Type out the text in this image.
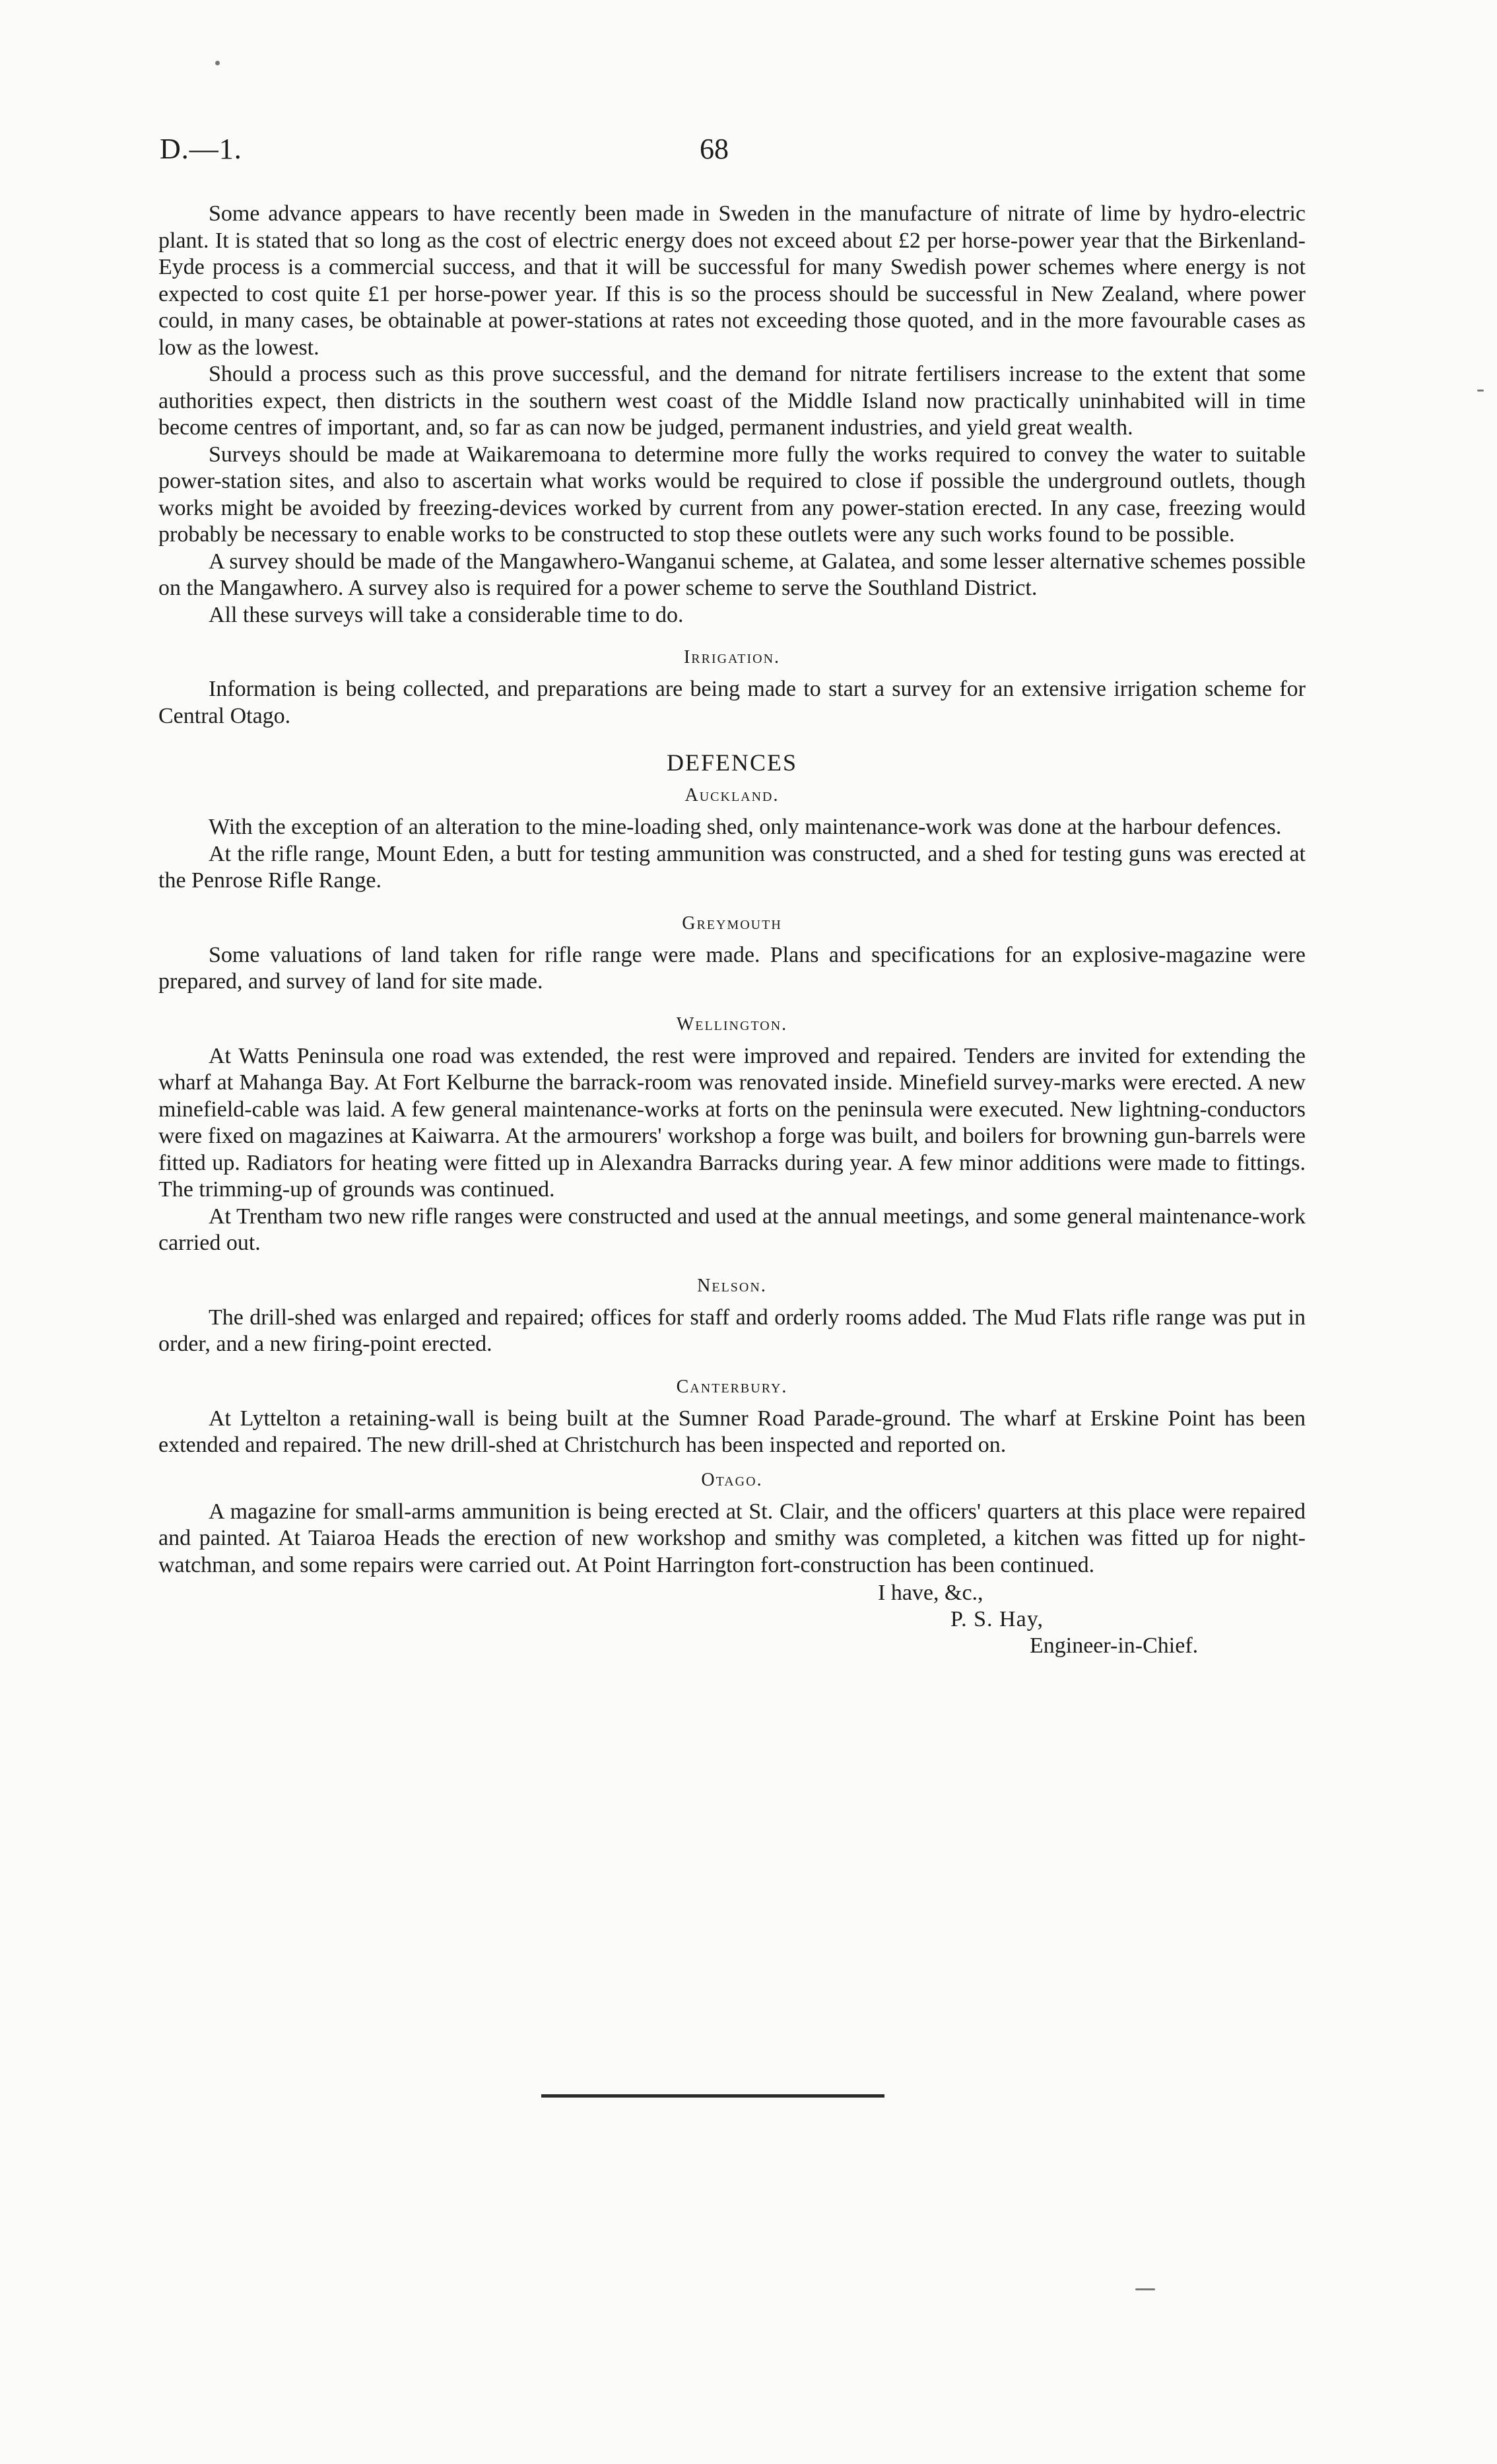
D.—1.	68

Some advance appears to have recently been made in Sweden in the manufacture of nitrate of lime by hydro-electric plant. It is stated that so long as the cost of electric energy does not exceed about £2 per horse-power year that the Birkenland-Eyde process is a commercial success, and that it will be successful for many Swedish power schemes where energy is not expected to cost quite £1 per horse-power year. If this is so the process should be successful in New Zealand, where power could, in many cases, be obtainable at power-stations at rates not exceeding those quoted, and in the more favourable cases as low as the lowest.

Should a process such as this prove successful, and the demand for nitrate fertilisers increase to the extent that some authorities expect, then districts in the southern west coast of the Middle Island now practically uninhabited will in time become centres of important, and, so far as can now be judged, permanent industries, and yield great wealth.

Surveys should be made at Waikaremoana to determine more fully the works required to convey the water to suitable power-station sites, and also to ascertain what works would be required to close if possible the underground outlets, though works might be avoided by freezing-devices worked by current from any power-station erected. In any case, freezing would probably be necessary to enable works to be constructed to stop these outlets were any such works found to be possible.

A survey should be made of the Mangawhero-Wanganui scheme, at Galatea, and some lesser alternative schemes possible on the Mangawhero. A survey also is required for a power scheme to serve the Southland District.

All these surveys will take a considerable time to do.

Irrigation.

Information is being collected, and preparations are being made to start a survey for an extensive irrigation scheme for Central Otago.

DEFENCES
Auckland.

With the exception of an alteration to the mine-loading shed, only maintenance-work was done at the harbour defences.

At the rifle range, Mount Eden, a butt for testing ammunition was constructed, and a shed for testing guns was erected at the Penrose Rifle Range.

Greymouth

Some valuations of land taken for rifle range were made. Plans and specifications for an explosive-magazine were prepared, and survey of land for site made.

Wellington.

At Watts Peninsula one road was extended, the rest were improved and repaired. Tenders are invited for extending the wharf at Mahanga Bay. At Fort Kelburne the barrack-room was renovated inside. Minefield survey-marks were erected. A new minefield-cable was laid. A few general maintenance-works at forts on the peninsula were executed. New lightning-conductors were fixed on magazines at Kaiwarra. At the armourers' workshop a forge was built, and boilers for browning gun-barrels were fitted up. Radiators for heating were fitted up in Alexandra Barracks during year. A few minor additions were made to fittings. The trimming-up of grounds was continued.

At Trentham two new rifle ranges were constructed and used at the annual meetings, and some general maintenance-work carried out.

Nelson.

The drill-shed was enlarged and repaired; offices for staff and orderly rooms added. The Mud Flats rifle range was put in order, and a new firing-point erected.

Canterbury.

At Lyttelton a retaining-wall is being built at the Sumner Road Parade-ground. The wharf at Erskine Point has been extended and repaired. The new drill-shed at Christchurch has been inspected and reported on.

Otago.

A magazine for small-arms ammunition is being erected at St. Clair, and the officers' quarters at this place were repaired and painted. At Taiaroa Heads the erection of new workshop and smithy was completed, a kitchen was fitted up for night-watchman, and some repairs were carried out. At Point Harrington fort-construction has been continued.

I have, &c.,
P. S. Hay,
Engineer-in-Chief.
